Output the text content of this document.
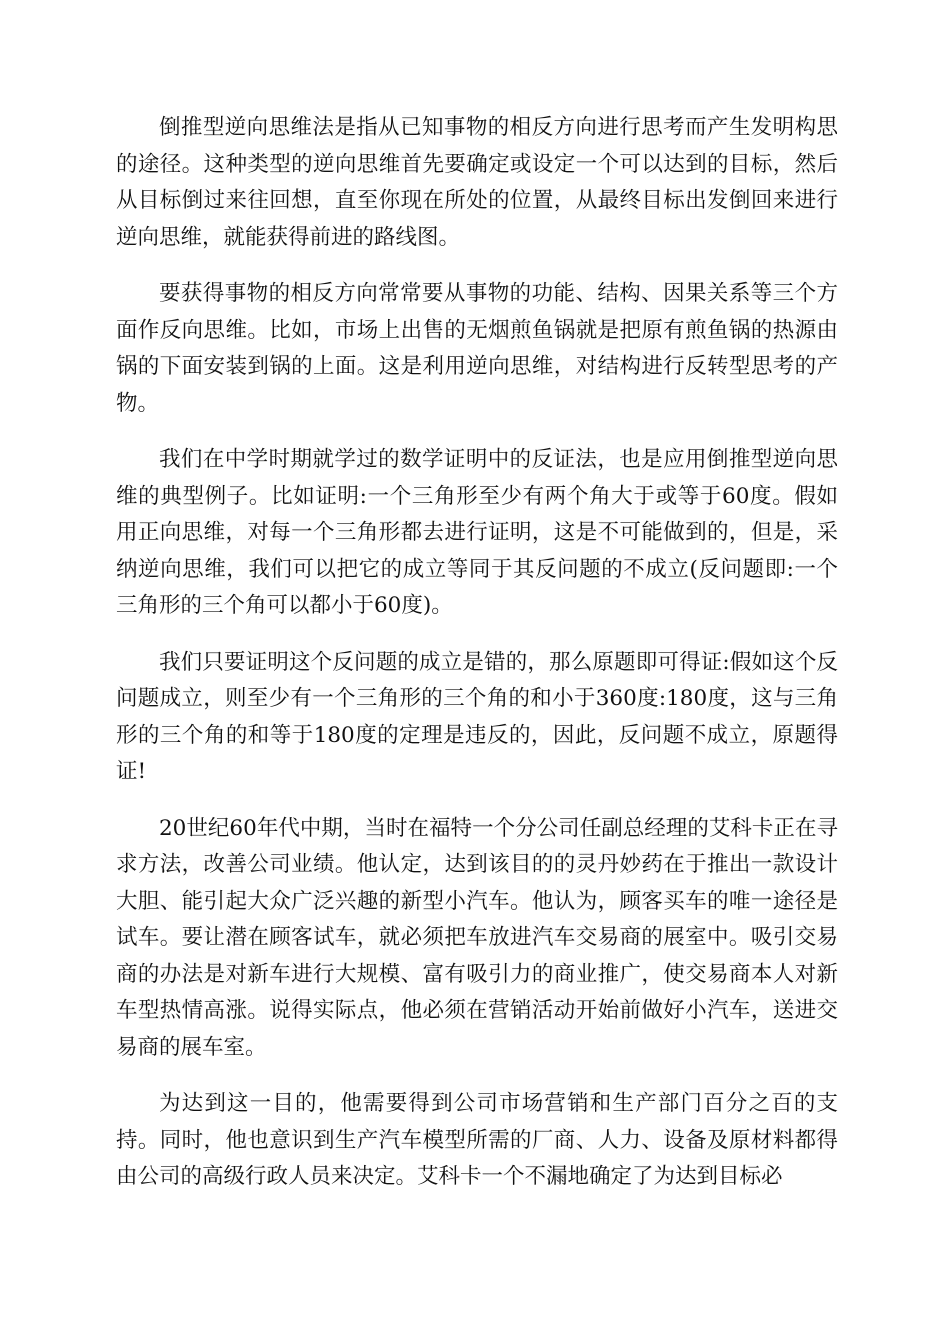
倒推型逆向思维法是指从已知事物的相反方向进行思考而产生发明构思的途径。这种类型的逆向思维首先要确定或设定一个可以达到的目标，然后从目标倒过来往回想，直至你现在所处的位置，从最终目标出发倒回来进行逆向思维，就能获得前进的路线图。

要获得事物的相反方向常常要从事物的功能、结构、因果关系等三个方面作反向思维。比如，市场上出售的无烟煎鱼锅就是把原有煎鱼锅的热源由锅的下面安装到锅的上面。这是利用逆向思维，对结构进行反转型思考的产物。

我们在中学时期就学过的数学证明中的反证法，也是应用倒推型逆向思维的典型例子。比如证明:一个三角形至少有两个角大于或等于60度。假如用正向思维，对每一个三角形都去进行证明，这是不可能做到的，但是，采纳逆向思维，我们可以把它的成立等同于其反问题的不成立(反问题即:一个三角形的三个角可以都小于60度)。

我们只要证明这个反问题的成立是错的，那么原题即可得证:假如这个反问题成立，则至少有一个三角形的三个角的和小于360度:180度，这与三角形的三个角的和等于180度的定理是违反的，因此，反问题不成立，原题得证!

20世纪60年代中期，当时在福特一个分公司任副总经理的艾科卡正在寻求方法，改善公司业绩。他认定，达到该目的的灵丹妙药在于推出一款设计大胆、能引起大众广泛兴趣的新型小汽车。他认为，顾客买车的唯一途径是试车。要让潜在顾客试车，就必须把车放进汽车交易商的展室中。吸引交易商的办法是对新车进行大规模、富有吸引力的商业推广，使交易商本人对新车型热情高涨。说得实际点，他必须在营销活动开始前做好小汽车，送进交易商的展车室。

为达到这一目的，他需要得到公司市场营销和生产部门百分之百的支持。同时，他也意识到生产汽车模型所需的厂商、人力、设备及原材料都得由公司的高级行政人员来决定。艾科卡一个不漏地确定了为达到目标必
